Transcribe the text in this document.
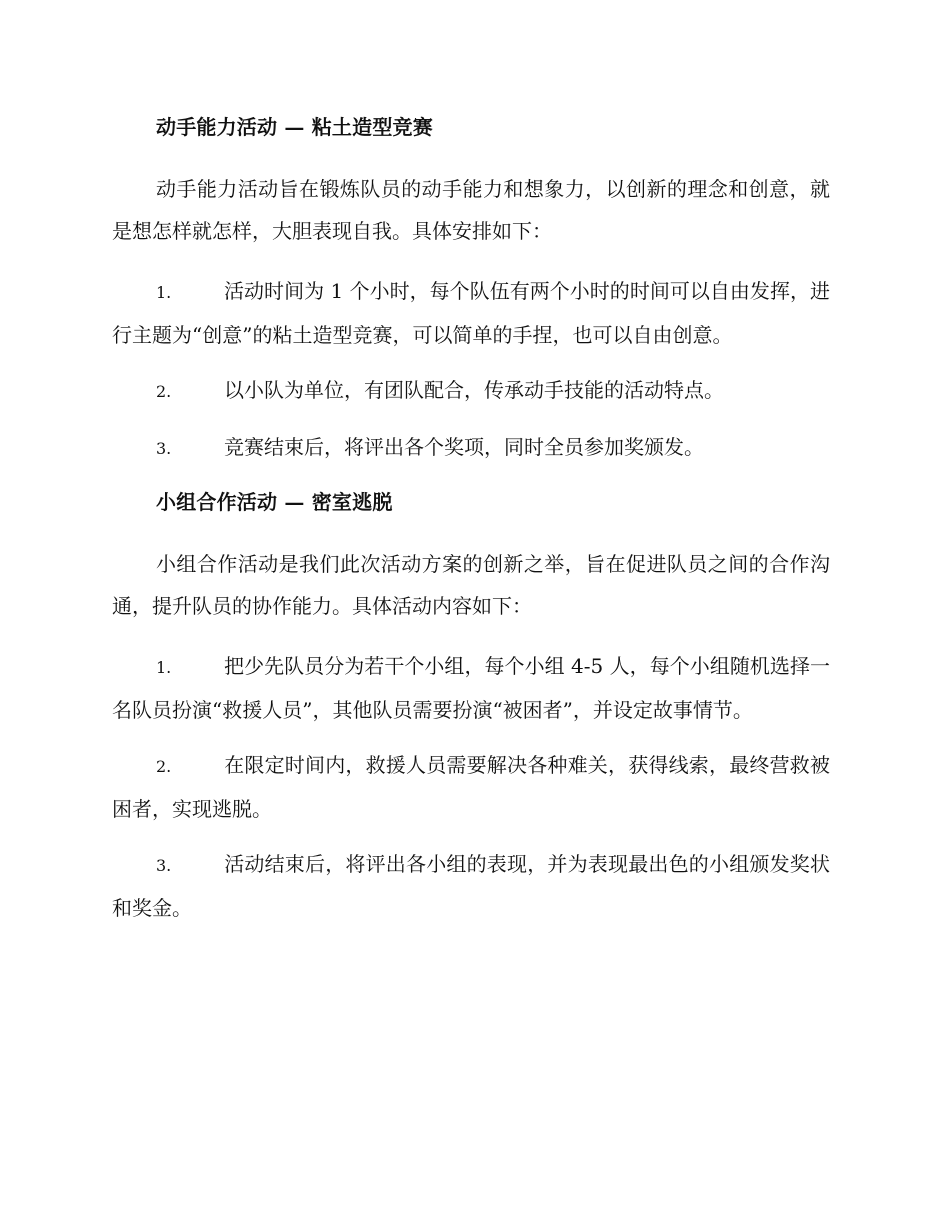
动手能力活动 — 粘土造型竞赛

动手能力活动旨在锻炼队员的动手能力和想象力，以创新的理念和创意，就是想怎样就怎样，大胆表现自我。具体安排如下：

1.	活动时间为 1 个小时，每个队伍有两个小时的时间可以自由发挥，进行主题为“创意”的粘土造型竞赛，可以简单的手捏，也可以自由创意。
2.	以小队为单位，有团队配合，传承动手技能的活动特点。
3.	竞赛结束后，将评出各个奖项，同时全员参加奖颁发。
小组合作活动 — 密室逃脱

小组合作活动是我们此次活动方案的创新之举，旨在促进队员之间的合作沟通，提升队员的协作能力。具体活动内容如下：

1.	把少先队员分为若干个小组，每个小组 4-5 人，每个小组随机选择一名队员扮演“救援人员”，其他队员需要扮演“被困者”，并设定故事情节。
2.	在限定时间内，救援人员需要解决各种难关，获得线索，最终营救被困者，实现逃脱。
3.	活动结束后，将评出各小组的表现，并为表现最出色的小组颁发奖状和奖金。
